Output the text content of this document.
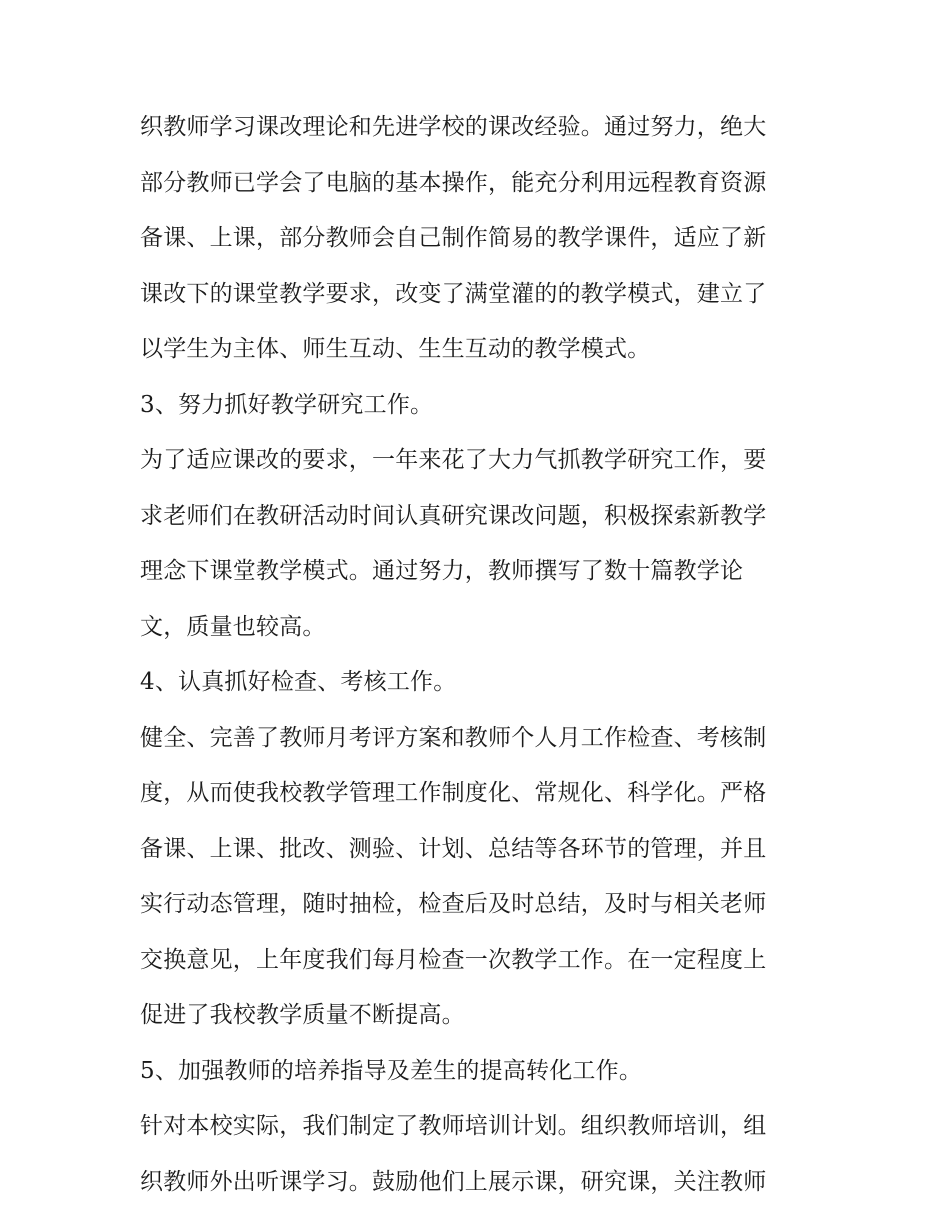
织教师学习课改理论和先进学校的课改经验。通过努力，绝大
部分教师已学会了电脑的基本操作，能充分利用远程教育资源
备课、上课，部分教师会自己制作简易的教学课件，适应了新
课改下的课堂教学要求，改变了满堂灌的的教学模式，建立了
以学生为主体、师生互动、生生互动的教学模式。
3、努力抓好教学研究工作。
为了适应课改的要求，一年来花了大力气抓教学研究工作，要
求老师们在教研活动时间认真研究课改问题，积极探索新教学
理念下课堂教学模式。通过努力，教师撰写了数十篇教学论
文，质量也较高。
4、认真抓好检查、考核工作。
健全、完善了教师月考评方案和教师个人月工作检查、考核制
度，从而使我校教学管理工作制度化、常规化、科学化。严格
备课、上课、批改、测验、计划、总结等各环节的管理，并且
实行动态管理，随时抽检，检查后及时总结，及时与相关老师
交换意见，上年度我们每月检查一次教学工作。在一定程度上
促进了我校教学质量不断提高。
5、加强教师的培养指导及差生的提高转化工作。
针对本校实际，我们制定了教师培训计划。组织教师培训，组
织教师外出听课学习。鼓励他们上展示课，研究课，关注教师
